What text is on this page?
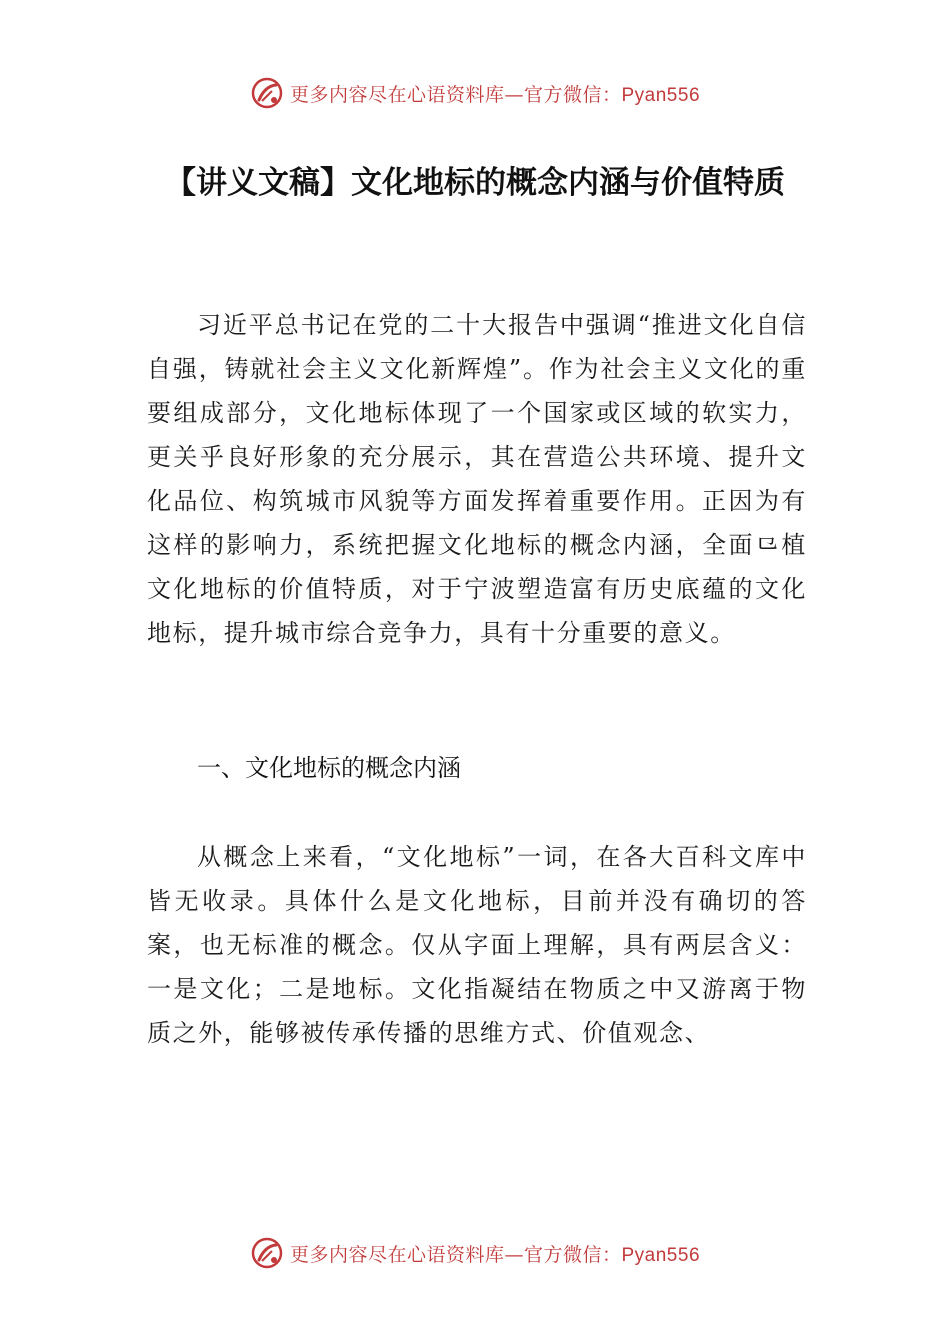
更多内容尽在心语资料库—官方微信：Pyan556
【讲义文稿】文化地标的概念内涵与价值特质

习近平总书记在党的二十大报告中强调“推进文化自信自强，铸就社会主义文化新辉煌”。作为社会主义文化的重要组成部分，文化地标体现了一个国家或区域的软实力，更关乎良好形象的充分展示，其在营造公共环境、提升文化品位、构筑城市风貌等方面发挥着重要作用。正因为有这样的影响力，系统把握文化地标的概念内涵，全面⺋植文化地标的价值特质，对于宁波塑造富有历史底蕴的文化地标，提升城市综合竞争力，具有十分重要的意义。

一、文化地标的概念内涵

从概念上来看，“文化地标”一词，在各大百科文库中皆无收录。具体什么是文化地标，目前并没有确切的答案，也无标准的概念。仅从字面上理解，具有两层含义：一是文化；二是地标。文化指凝结在物质之中又游离于物质之外，能够被传承传播的思维方式、价值观念、

更多内容尽在心语资料库—官方微信：Pyan556
